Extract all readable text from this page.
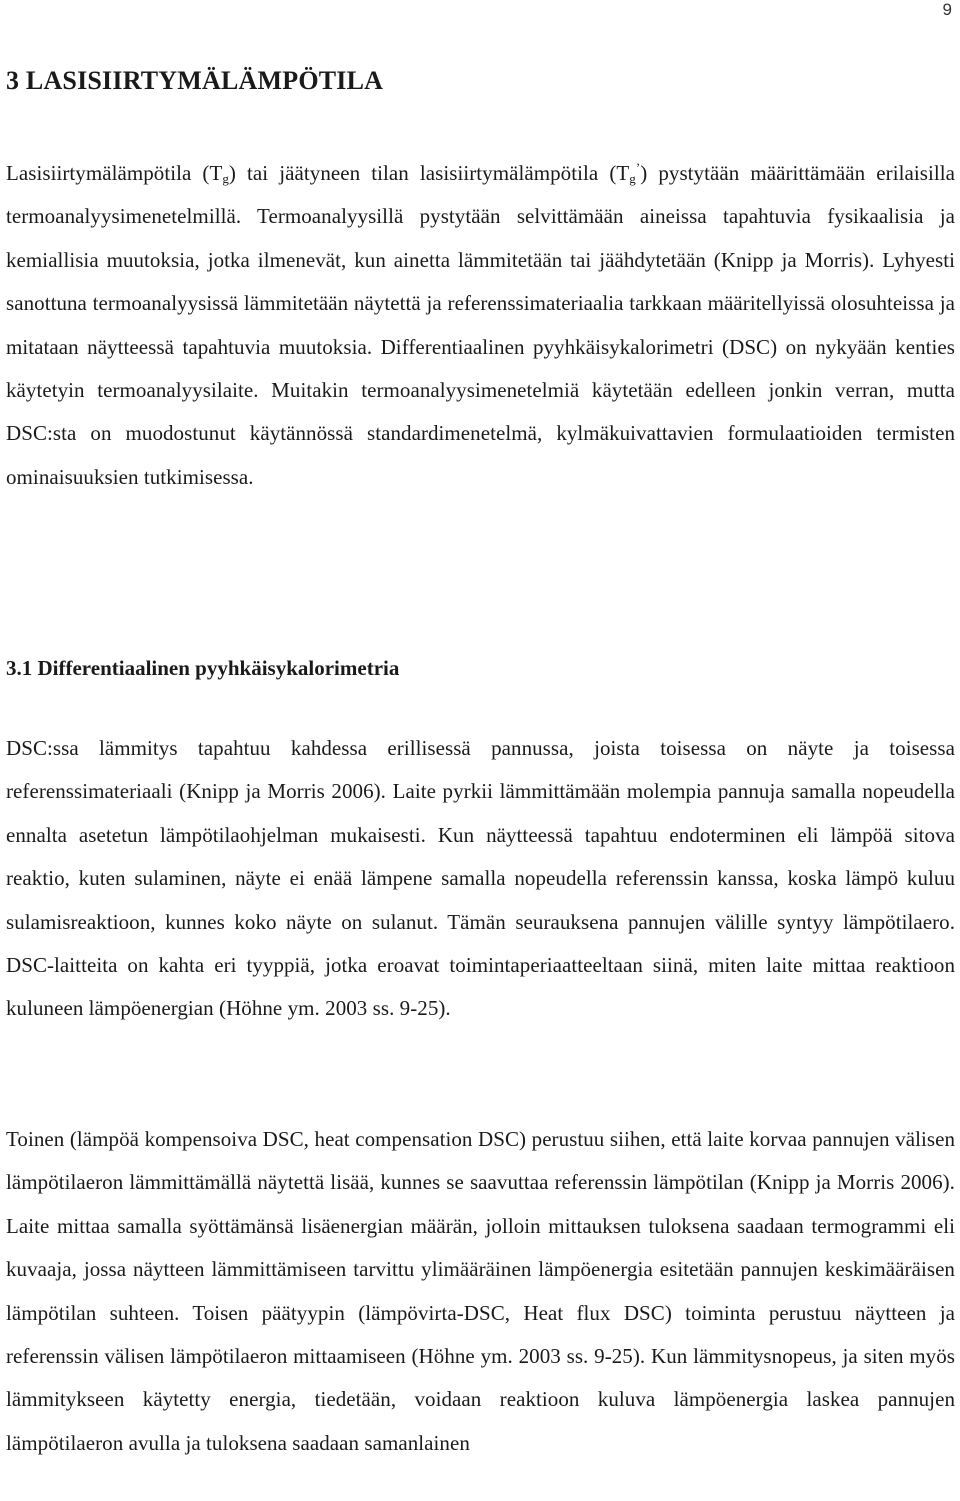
9
3 LASISIIRTYMÄLÄMPÖTILA

Lasisiirtymälämpötila $(T_g)$ tai jäätyneen tilan lasisiirtymälämpötila $(T_g^’)$ pystytään määrittämään erilaisilla termoanalyysimenetelmillä. Termoanalyysillä pystytään selvittämään aineissa tapahtuvia fysikaalisia ja kemiallisia muutoksia, jotka ilmenevät, kun ainetta lämmitetään tai jäähdytetään (Knipp ja Morris). Lyhyesti sanottuna termoanalyysissä lämmitetään näytettä ja referenssimateriaalia tarkkaan määritellyissä olosuhteissa ja mitataan näytteessä tapahtuvia muutoksia. Differentiaalinen pyyhkäisykalorimetri (DSC) on nykyään kenties käytetyin termoanalyysilaite. Muitakin termoanalyysimenetelmiä käytetään edelleen jonkin verran, mutta DSC:sta on muodostunut käytännössä standardimenetelmä, kylmäkuivattavien formulaatioiden termisten ominaisuuksien tutkimisessa.

3.1 Differentiaalinen pyyhkäisykalorimetria

DSC:ssa lämmitys tapahtuu kahdessa erillisessä pannussa, joista toisessa on näyte ja toisessa referenssimateriaali (Knipp ja Morris 2006). Laite pyrkii lämmittämään molempia pannuja samalla nopeudella ennalta asetetun lämpötilaohjelman mukaisesti. Kun näytteessä tapahtuu endoterminen eli lämpöä sitova reaktio, kuten sulaminen, näyte ei enää lämpene samalla nopeudella referenssin kanssa, koska lämpö kuluu sulamisreaktioon, kunnes koko näyte on sulanut. Tämän seurauksena pannujen välille syntyy lämpötilaero. DSC-laitteita on kahta eri tyyppiä, jotka eroavat toimintaperiaatteeltaan siinä, miten laite mittaa reaktioon kuluneen lämpöenergian (Höhne ym. 2003 ss. 9-25).

Toinen (lämpöä kompensoiva DSC, heat compensation DSC) perustuu siihen, että laite korvaa pannujen välisen lämpötilaeron lämmittämällä näytettä lisää, kunnes se saavuttaa referenssin lämpötilan (Knipp ja Morris 2006). Laite mittaa samalla syöttämänsä lisäenergian määrän, jolloin mittauksen tuloksena saadaan termogrammi eli kuvaaja, jossa näytteen lämmittämiseen tarvittu ylimääräinen lämpöenergia esitetään pannujen keskimääräisen lämpötilan suhteen. Toisen päätyypin (lämpövirta-DSC, Heat flux DSC) toiminta perustuu näytteen ja referenssin välisen lämpötilaeron mittaamiseen (Höhne ym. 2003 ss. 9-25). Kun lämmitysnopeus, ja siten myös lämmitykseen käytetty energia, tiedetään, voidaan reaktioon kuluva lämpöenergia laskea pannujen lämpötilaeron avulla ja tuloksena saadaan samanlainen
